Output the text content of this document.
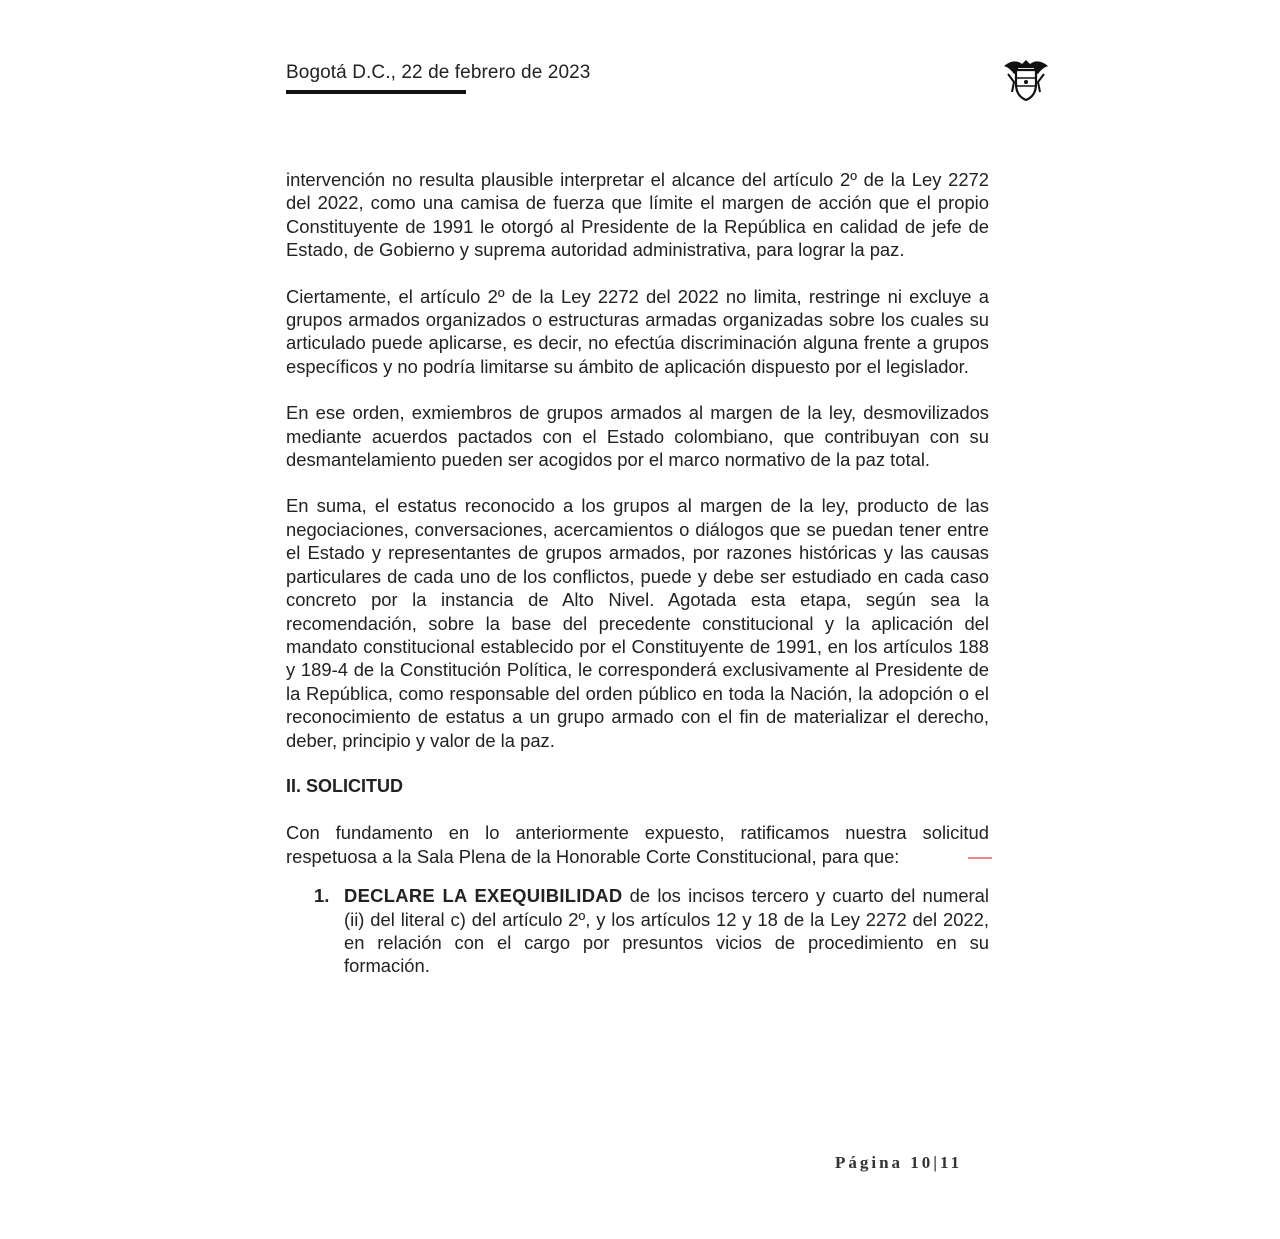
Bogotá D.C., 22 de febrero de 2023

intervención no resulta plausible interpretar el alcance del artículo 2º de la Ley 2272 del 2022, como una camisa de fuerza que límite el margen de acción que el propio Constituyente de 1991 le otorgó al Presidente de la República en calidad de jefe de Estado, de Gobierno y suprema autoridad administrativa, para lograr la paz.

Ciertamente, el artículo 2º de la Ley 2272 del 2022 no limita, restringe ni excluye a grupos armados organizados o estructuras armadas organizadas sobre los cuales su articulado puede aplicarse, es decir, no efectúa discriminación alguna frente a grupos específicos y no podría limitarse su ámbito de aplicación dispuesto por el legislador.

En ese orden, exmiembros de grupos armados al margen de la ley, desmovilizados mediante acuerdos pactados con el Estado colombiano, que contribuyan con su desmantelamiento pueden ser acogidos por el marco normativo de la paz total.

En suma, el estatus reconocido a los grupos al margen de la ley, producto de las negociaciones, conversaciones, acercamientos o diálogos que se puedan tener entre el Estado y representantes de grupos armados, por razones históricas y las causas particulares de cada uno de los conflictos, puede y debe ser estudiado en cada caso concreto por la instancia de Alto Nivel. Agotada esta etapa, según sea la recomendación, sobre la base del precedente constitucional y la aplicación del mandato constitucional establecido por el Constituyente de 1991, en los artículos 188 y 189-4 de la Constitución Política, le corresponderá exclusivamente al Presidente de la República, como responsable del orden público en toda la Nación, la adopción o el reconocimiento de estatus a un grupo armado con el fin de materializar el derecho, deber, principio y valor de la paz.

II. SOLICITUD

Con fundamento en lo anteriormente expuesto, ratificamos nuestra solicitud respetuosa a la Sala Plena de la Honorable Corte Constitucional, para que:

1. DECLARE LA EXEQUIBILIDAD de los incisos tercero y cuarto del numeral (ii) del literal c) del artículo 2º, y los artículos 12 y 18 de la Ley 2272 del 2022, en relación con el cargo por presuntos vicios de procedimiento en su formación.
Página 10|11
